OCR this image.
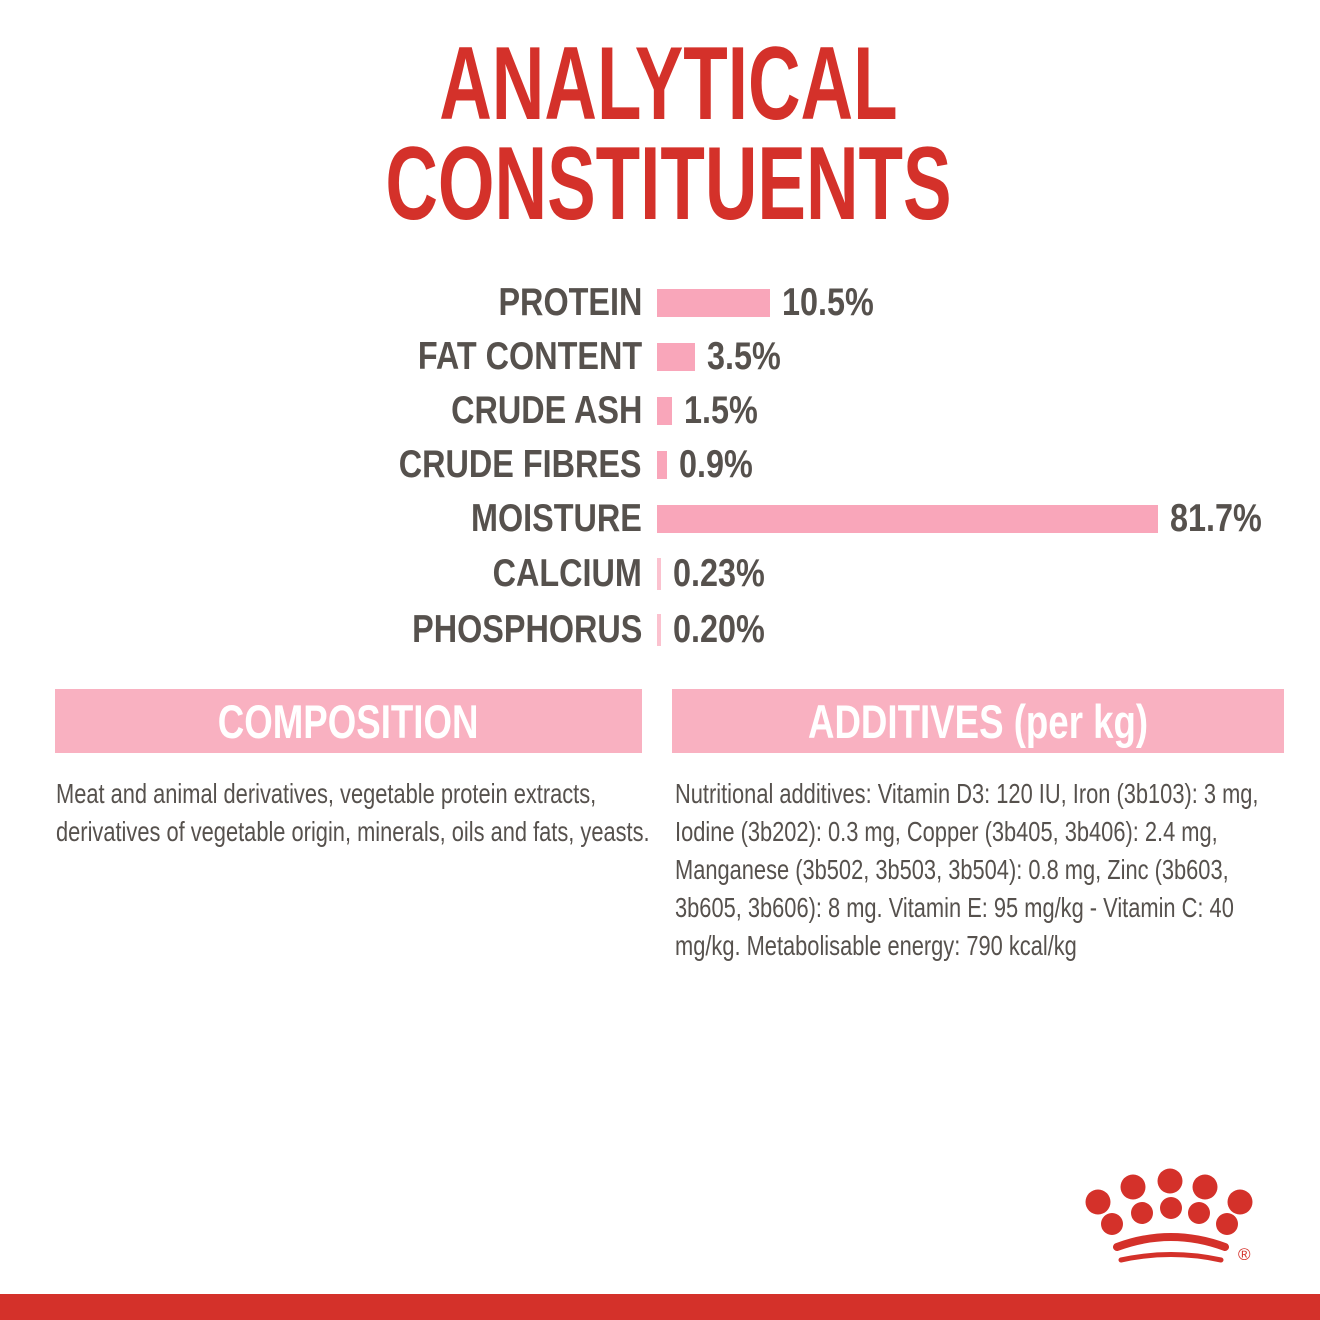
ANALYTICAL
CONSTITUENTS
PROTEIN	10.5%
FAT CONTENT 3.5%
CRUDE ASH 1.5%
CRUDE FIBRES 0.9%
MOISTURE	81.7%
CALCIUM 0.23%
PHOSPHORUS 0.20%
COMPOSITION	ADDITIVES (per kg)
Meat and animal derivatives, vegetable protein extracts, derivatives of vegetable origin, minerals, oils and fats, yeasts.
Nutritional additives: Vitamin D3: 120 IU, Iron (3b103): 3 mg, Iodine (3b202): 0.3 mg, Copper (3b405, 3b406): 2.4 mg, Manganese (3b502, 3b503, 3b504): 0.8 mg, Zinc (3b603, 3b605, 3b606): 8 mg. Vitamin E: 95 mg/kg - Vitamin C: 40 mg/kg. Metabolisable energy: 790 kcal/kg
®
